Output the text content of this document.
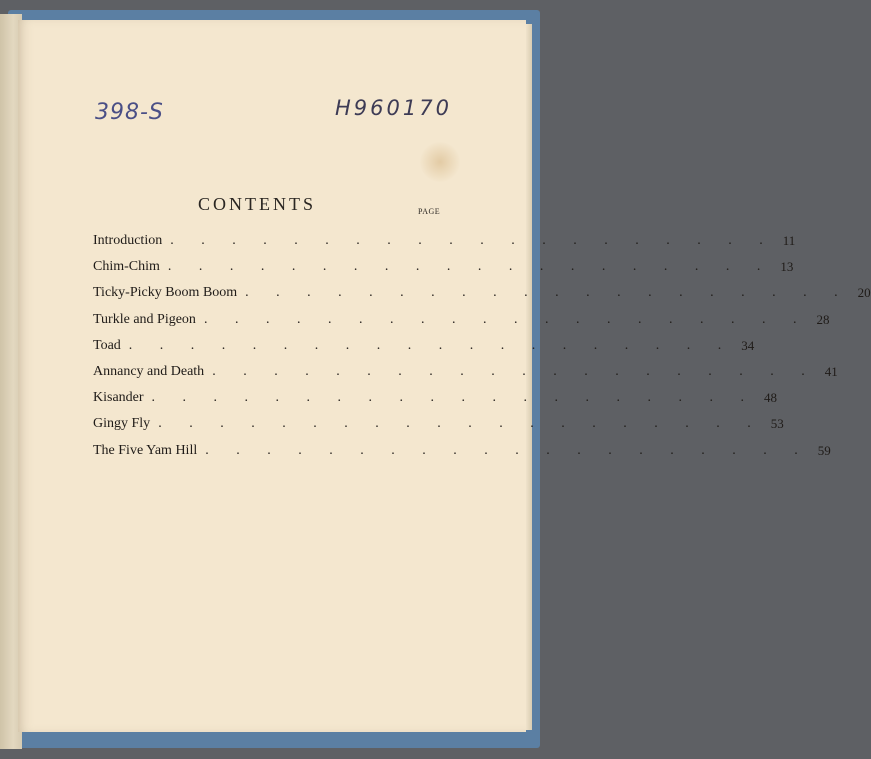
398-S	H960170
CONTENTS	PAGE
Introduction . . . . . . . . . . . . . . . . . . . . 11
Chim-Chim . . . . . . . . . . . . . . . . . . . . 13
Ticky-Picky Boom Boom . . . . . . . . . . . . . . . . . . . . 20
Turkle and Pigeon . . . . . . . . . . . . . . . . . . . . 28
Toad . . . . . . . . . . . . . . . . . . . . 34
Annancy and Death . . . . . . . . . . . . . . . . . . . . 41
Kisander . . . . . . . . . . . . . . . . . . . . 48
Gingy Fly . . . . . . . . . . . . . . . . . . . . 53
The Five Yam Hill . . . . . . . . . . . . . . . . . . . . 59
